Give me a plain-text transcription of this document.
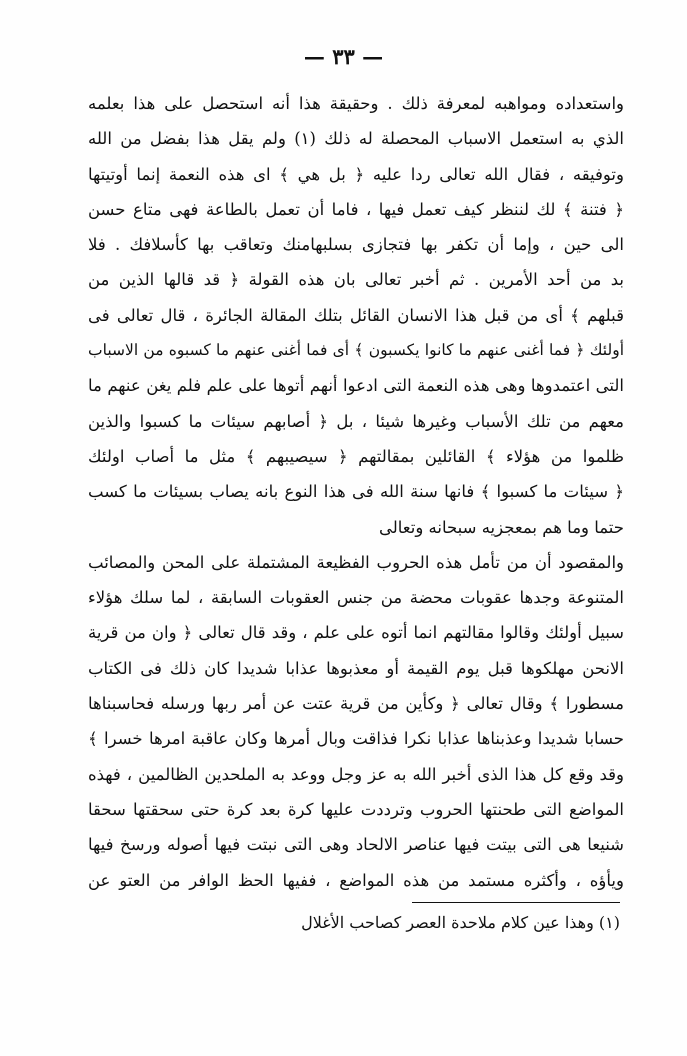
— ٣٣ —
واستعداده ومواهبه لمعرفة ذلك . وحقيقة هذا أنه استحصل على هذا بعلمه
الذي به استعمل الاسباب المحصلة له ذلك (١) ولم يقل هذا بفضل من الله
وتوفيقه ، فقال الله تعالى ردا عليه ﴿ بل هي ﴾ اى هذه النعمة إنما أوتيتها
﴿ فتنة ﴾ لك لننظر كيف تعمل فيها ، فاما أن تعمل بالطاعة فهى متاع حسن
الى حين ، وإما أن تكفر بها فتجازى بسلبهامنك وتعاقب بها كأسلافك . فلا
بد من أحد الأمرين . ثم أخبر تعالى بان هذه القولة ﴿ قد قالها الذين من
قبلهم ﴾ أى من قبل هذا الانسان القائل بتلك المقالة الجائرة ، قال تعالى فى
أولئك ﴿ فما أغنى عنهم ما كانوا يكسبون ﴾ أى فما أغنى عنهم ما كسبوه من الاسباب
التى اعتمدوها وهى هذه النعمة التى ادعوا أنهم أتوها على علم فلم يغن عنهم ما
معهم من تلك الأسباب وغيرها شيئا ، بل ﴿ أصابهم سيئات ما كسبوا والذين
ظلموا من هؤلاء ﴾ القائلين بمقالتهم ﴿ سيصيبهم ﴾ مثل ما أصاب اولئك
﴿ سيئات ما كسبوا ﴾ فانها سنة الله فى هذا النوع بانه يصاب بسيئات ما كسب
حتما وما هم بمعجزيه سبحانه وتعالى
والمقصود أن من تأمل هذه الحروب الفظيعة المشتملة على المحن والمصائب
المتنوعة وجدها عقوبات محضة من جنس العقوبات السابقة ، لما سلك هؤلاء
سبيل أولئك وقالوا مقالتهم انما أتوه على علم ، وقد قال تعالى ﴿ وان من قرية
الانحن مهلكوها قبل يوم القيمة أو معذبوها عذابا شديدا كان ذلك فى الكتاب
مسطورا ﴾ وقال تعالى ﴿ وكأين من قرية عتت عن أمر ربها ورسله فحاسبناها
حسابا شديدا وعذبناها عذابا نكرا فذاقت وبال أمرها وكان عاقبة امرها خسرا ﴾
وقد وقع كل هذا الذى أخبر الله به عز وجل ووعد به الملحدين الظالمين ، فهذه
المواضع التى طحنتها الحروب وترددت عليها كرة بعد كرة حتى سحقتها سحقا
شنيعا هى التى بيتت فيها عناصر الالحاد وهى التى نبتت فيها أصوله ورسخ فيها
ويأؤه ، وأكثره مستمد من هذه المواضع ، ففيها الحظ الوافر من العتو عن
(١) وهذا عين كلام ملاحدة العصر كصاحب الأغلال
